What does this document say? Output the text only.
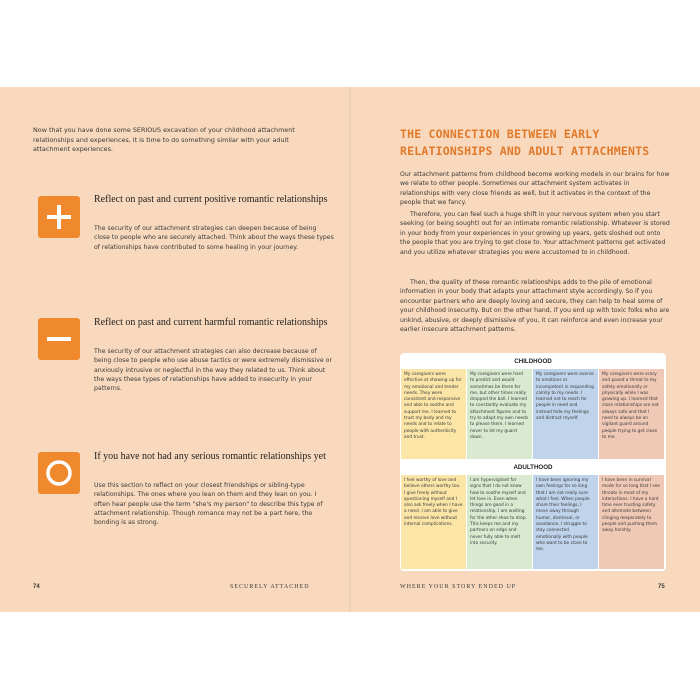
Now that you have done some SERIOUS excavation of your childhood attachment relationships and experiences, it is time to do something similar with your adult attachment experiences.
Reflect on past and current positive romantic relationships
The security of our attachment strategies can deepen because of being close to people who are securely attached. Think about the ways these types of relationships have contributed to some healing in your journey.
Reflect on past and current harmful romantic relationships
The security of our attachment strategies can also decrease because of being close to people who use abuse tactics or were extremely dismissive or anxiously intrusive or neglectful in the way they related to us. Think about the ways these types of relationships have added to insecurity in your patterns.
If you have not had any serious romantic relationships yet
Use this section to reflect on your closest friendships or sibling-type relationships. The ones where you lean on them and they lean on you. I often hear people use the term "she's my person" to describe this type of attachment relationship. Though romance may not be a part here, the bonding is as strong.
74	SECURELY ATTACHED
THE CONNECTION BETWEEN EARLY RELATIONSHIPS AND ADULT ATTACHMENTS
Our attachment patterns from childhood become working models in our brains for how we relate to other people. Sometimes our attachment system activates in relationships with very close friends as well, but it activates in the context of the people that we fancy.
Therefore, you can feel such a huge shift in your nervous system when you start seeking (or being sought) out for an intimate romantic relationship. Whatever is stored in your body from your experiences in your growing up years, gets sloshed out onto the people that you are trying to get close to. Your attachment patterns get activated and you utilize whatever strategies you were accustomed to in childhood.
Then, the quality of these romantic relationships adds to the pile of emotional information in your body that adapts your attachment style accordingly. So if you encounter partners who are deeply loving and secure, they can help to heal some of your childhood insecurity. But on the other hand, if you end up with toxic folks who are unkind, abusive, or deeply dismissive of you, it can reinforce and even increase your earlier insecure attachment patterns.
CHILDHOOD
My caregivers were effective at showing up for my emotional and tender needs. They were consistent and responsive and able to soothe and support me. I learned to trust my body and my needs and to relate to people with authenticity and trust.
My caregivers were hard to predict and would sometimes be there for me, but other times really dropped the ball. I learned to constantly evaluate my attachment figures and to try to adapt my own needs to please them. I learned never to let my guard down.
My caregivers were averse to emotions or incompetent in responding calmly to my needs. I learned not to reach for people in need and instead hide my feelings and distract myself.
My caregivers were scary and posed a threat to my safety emotionally or physically while I was growing up. I learned that close relationships are not always safe and that I need to always be on vigilant guard around people trying to get close to me.
ADULTHOOD
I feel worthy of love and believe others worthy too. I give freely without questioning myself and I also ask freely when I have a need. I am able to give and receive love without internal complications.
I am hypervigilant for signs that I do not know how to soothe myself and let love in. Even when things are good in a relationship, I am waiting for the other shoe to drop. This keeps me and my partners on edge and never fully able to melt into security.
I have been ignoring my own feelings for so long that I am not really sure what I feel. When people share their feelings, I move away through humor, dismissal, or avoidance. I struggle to stay connected emotionally with people who want to be close to me.
I have been in survival mode for so long that I see threats in most of my interactions. I have a hard time ever trusting safety and alternate between clinging desperately to people and pushing them away harshly.
WHERE YOUR STORY ENDED UP	75
